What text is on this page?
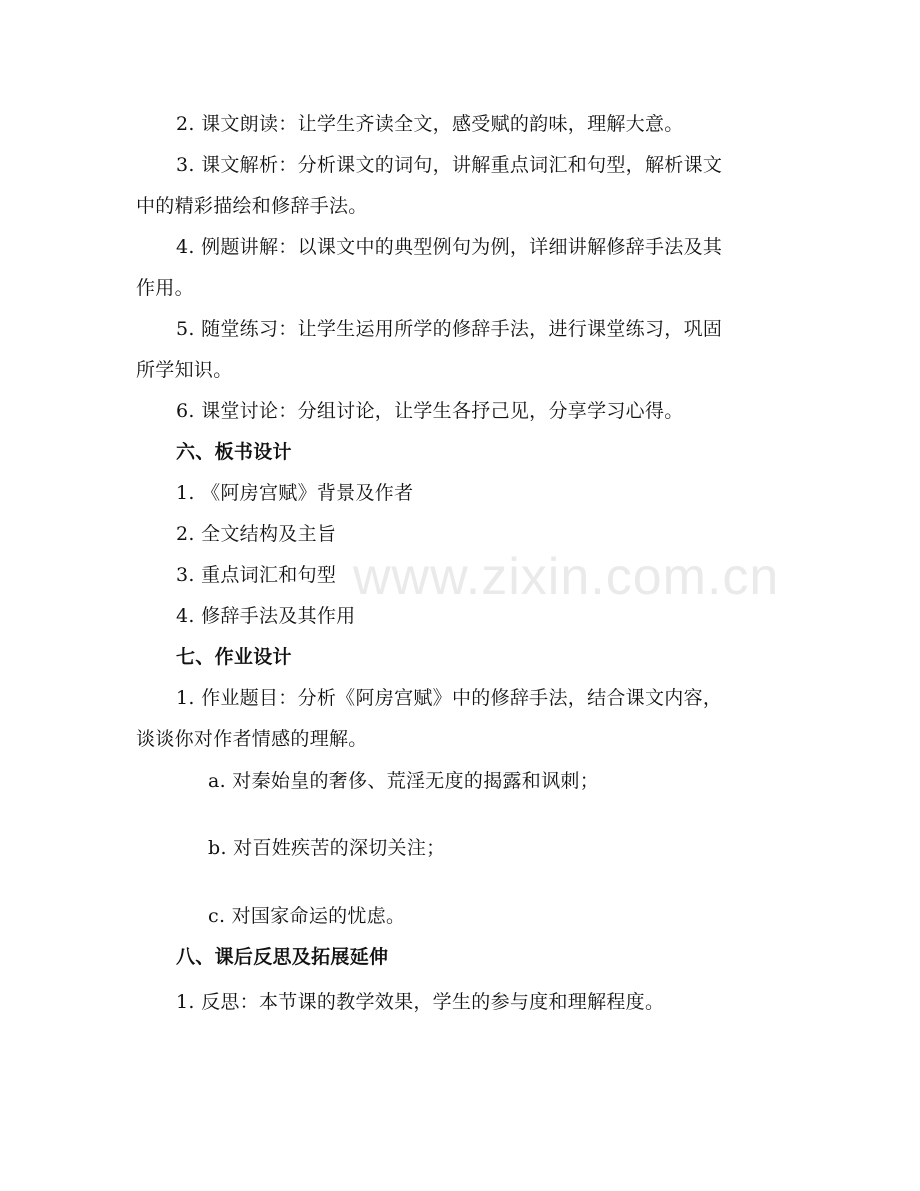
2. 课文朗读：让学生齐读全文，感受赋的韵味，理解大意。
3. 课文解析：分析课文的词句，讲解重点词汇和句型，解析课文
中的精彩描绘和修辞手法。
4. 例题讲解：以课文中的典型例句为例，详细讲解修辞手法及其
作用。
5. 随堂练习：让学生运用所学的修辞手法，进行课堂练习，巩固
所学知识。
6. 课堂讨论：分组讨论，让学生各抒己见，分享学习心得。
六、板书设计
1. 《阿房宫赋》背景及作者
2. 全文结构及主旨
3. 重点词汇和句型
4. 修辞手法及其作用
七、作业设计
1. 作业题目：分析《阿房宫赋》中的修辞手法，结合课文内容，
谈谈你对作者情感的理解。
a. 对秦始皇的奢侈、荒淫无度的揭露和讽刺；
b. 对百姓疾苦的深切关注；
c. 对国家命运的忧虑。
八、课后反思及拓展延伸
1. 反思：本节课的教学效果，学生的参与度和理解程度。
www.zixin.com.cn
